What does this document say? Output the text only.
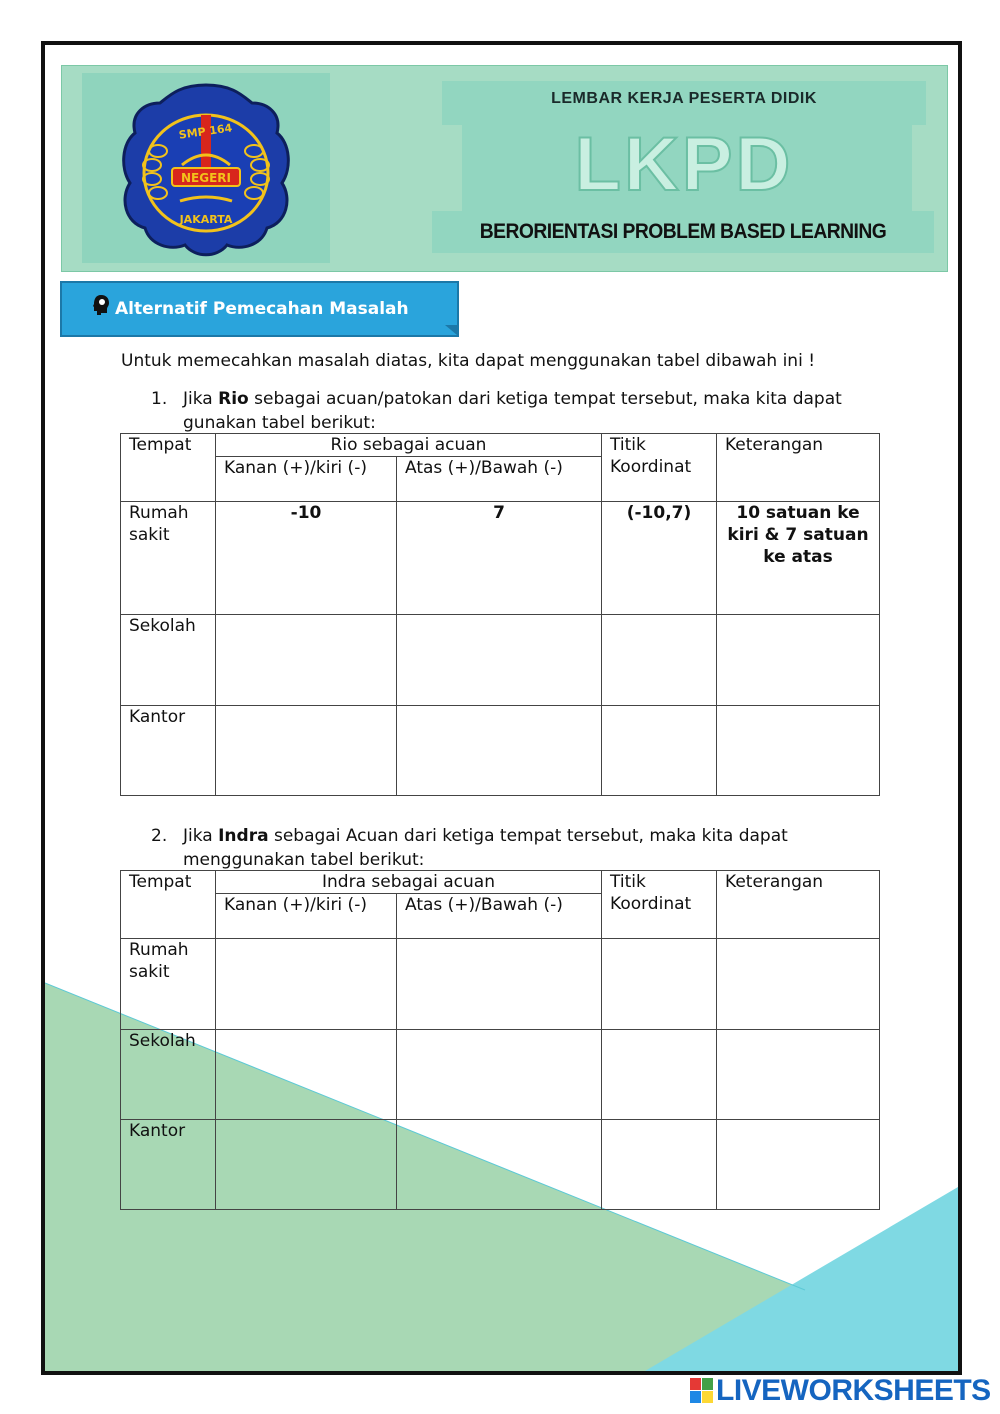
NEGERI
SMP 164
JAKARTA
LEMBAR KERJA PESERTA DIDIK
LKPD
BERORIENTASI PROBLEM BASED LEARNING
Alternatif Pemecahan Masalah
Untuk memecahkan masalah diatas, kita dapat menggunakan tabel dibawah ini !
1. Jika Rio sebagai acuan/patokan dari ketiga tempat tersebut, maka kita dapat gunakan tabel berikut:
Tempat	Rio sebagai acuan		Titik Koordinat	Keterangan
	Kanan (+)/kiri (-)	Atas (+)/Bawah (-)		
Rumah sakit	-10	7	(-10,7)	10 satuan ke kiri & 7 satuan ke atas
Sekolah				
Kantor				
2. Jika Indra sebagai Acuan dari ketiga tempat tersebut, maka kita dapat menggunakan tabel berikut:
Tempat	Indra sebagai acuan		Titik Koordinat	Keterangan
	Kanan (+)/kiri (-)	Atas (+)/Bawah (-)		
Rumah sakit				
Sekolah				
Kantor				
LIVEWORKSHEETS
